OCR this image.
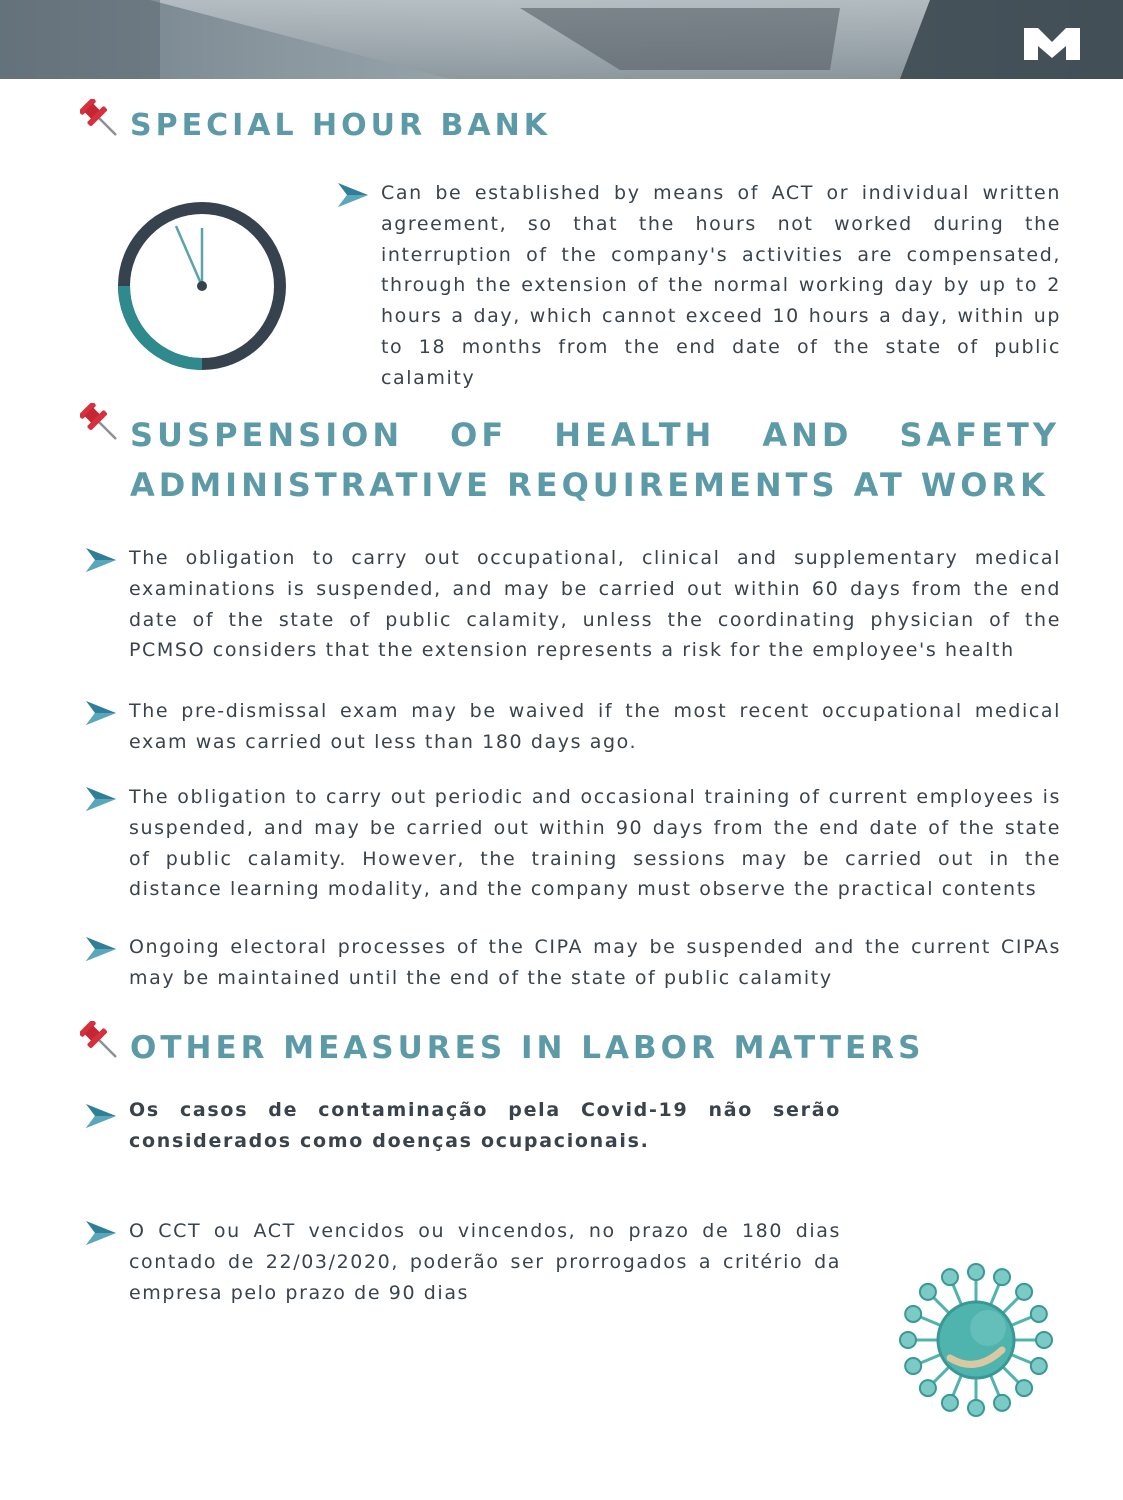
SPECIAL HOUR BANK

Can be established by means of ACT or individual written agreement, so that the hours not worked during the interruption of the company's activities are compensated, through the extension of the normal working day by up to 2 hours a day, which cannot exceed 10 hours a day, within up to 18 months from the end date of the state of public calamity

SUSPENSION OF HEALTH AND SAFETY
ADMINISTRATIVE REQUIREMENTS AT WORK

The obligation to carry out occupational, clinical and supplementary medical examinations is suspended, and may be carried out within 60 days from the end date of the state of public calamity, unless the coordinating physician of the PCMSO considers that the extension represents a risk for the employee's health

The pre-dismissal exam may be waived if the most recent occupational medical exam was carried out less than 180 days ago.

The obligation to carry out periodic and occasional training of current employees is suspended, and may be carried out within 90 days from the end date of the state of public calamity. However, the training sessions may be carried out in the distance learning modality, and the company must observe the practical contents

Ongoing electoral processes of the CIPA may be suspended and the current CIPAs may be maintained until the end of the state of public calamity

OTHER MEASURES IN LABOR MATTERS

Os casos de contaminação pela Covid-19 não serão considerados como doenças ocupacionais.

O CCT ou ACT vencidos ou vincendos, no prazo de 180 dias contado de 22/03/2020, poderão ser prorrogados a critério da empresa pelo prazo de 90 dias
